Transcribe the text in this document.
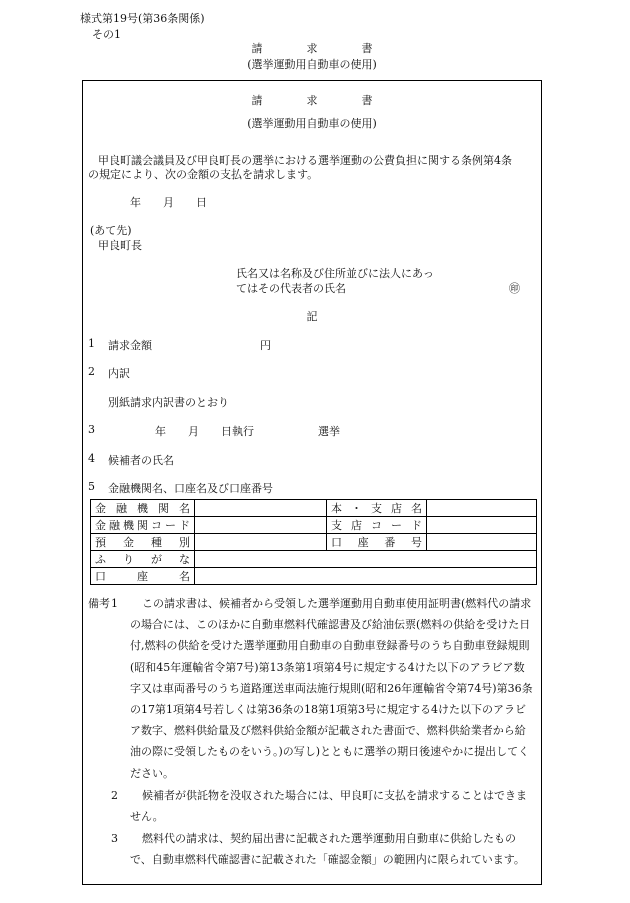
様式第19号(第36条関係)
その1
請　　　　求　　　　書
(選挙運動用自動車の使用)
請　　　　求　　　　書
(選挙運動用自動車の使用)
甲良町議会議員及び甲良町長の選挙における選挙運動の公費負担に関する条例第4条
の規定により、次の金額の支払を請求します。
年　　月　　日
(あて先)
甲良町長
氏名又は名称及び住所並びに法人にあっ
てはその代表者の氏名	㊞
記
1 請求金額	円
2 内訳
別紙請求内訳書のとおり
3	年　　月　　日執行	選挙
4 候補者の氏名
5 金融機関名、口座名及び口座番号
金融機関名		本・支店名	
金融機関コード		支店コード	
預金種別		口座番号	
ふりがな			
口座名			
備考 1	この請求書は、候補者から受領した選挙運動用自動車使用証明書(燃料代の請求の場合には、このほかに自動車燃料代確認書及び給油伝票(燃料の供給を受けた日付,燃料の供給を受けた選挙運動用自動車の自動車登録番号のうち自動車登録規則(昭和45年運輸省令第7号)第13条第1項第4号に規定する4けた以下のアラビア数字又は車両番号のうち道路運送車両法施行規則(昭和26年運輸省令第74号)第36条の17第1項第4号若しくは第36条の18第1項第3号に規定する4けた以下のアラビア数字、燃料供給量及び燃料供給金額が記載された書面で、燃料供給業者から給油の際に受領したものをいう。)の写し)とともに選挙の期日後速やかに提出してください。
2	候補者が供託物を没収された場合には、甲良町に支払を請求することはできません。
3	燃料代の請求は、契約届出書に記載された選挙運動用自動車に供給したもので、自動車燃料代確認書に記載された「確認金額」の範囲内に限られています。
